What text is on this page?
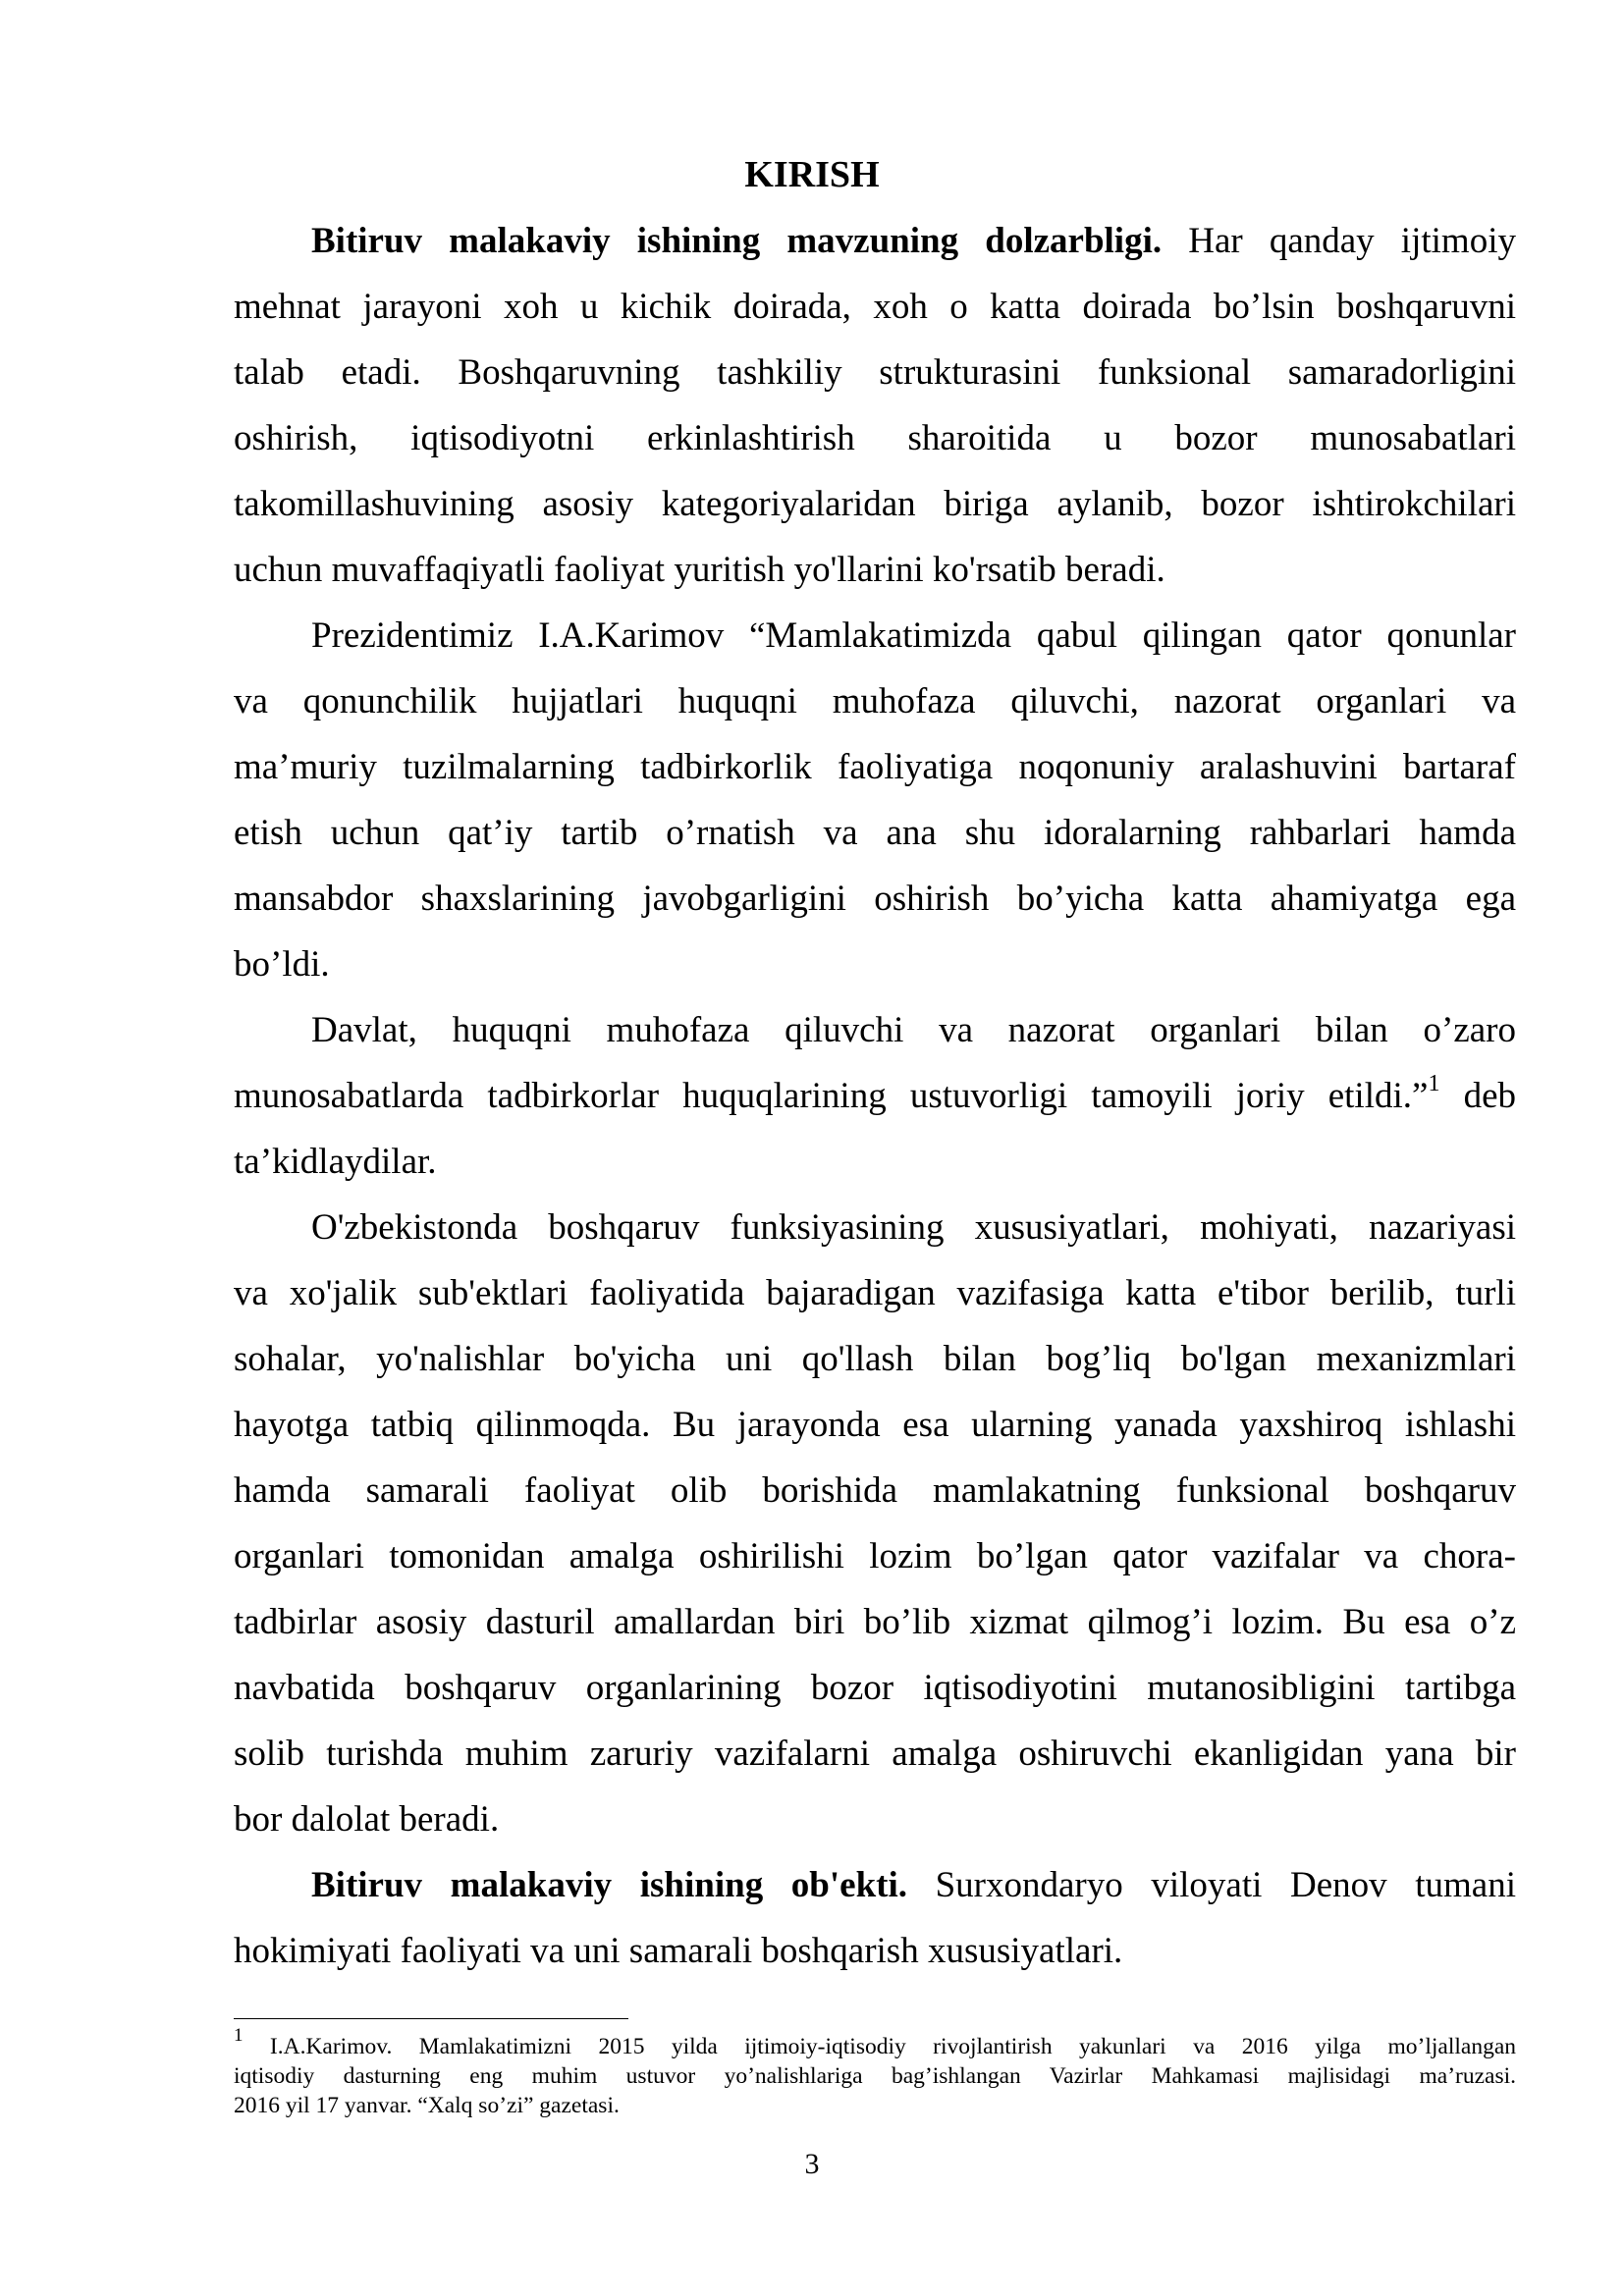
KIRISH
Bitiruv malakaviy ishining mavzuning dolzarbligi. Har qanday ijtimoiy
mehnat jarayoni xoh u kichik doirada, xoh o katta doirada bo’lsin boshqaruvni
talab etadi. Boshqaruvning tashkiliy strukturasini funksional samaradorligini
oshirish, iqtisodiyotni erkinlashtirish sharoitida u bozor munosabatlari
takomillashuvining asosiy kategoriyalaridan biriga aylanib, bozor ishtirokchilari
uchun muvaffaqiyatli faoliyat yuritish yo'llarini ko'rsatib beradi.
Prezidentimiz I.A.Karimov “Mamlakatimizda qabul qilingan qator qonunlar
va qonunchilik hujjatlari huquqni muhofaza qiluvchi, nazorat organlari va
ma’muriy tuzilmalarning tadbirkorlik faoliyatiga noqonuniy aralashuvini bartaraf
etish uchun qat’iy tartib o’rnatish va ana shu idoralarning rahbarlari hamda
mansabdor shaxslarining javobgarligini oshirish bo’yicha katta ahamiyatga ega
bo’ldi.
Davlat, huquqni muhofaza qiluvchi va nazorat organlari bilan o’zaro
munosabatlarda tadbirkorlar huquqlarining ustuvorligi tamoyili joriy etildi.”$^1$ deb
ta’kidlaydilar.
O'zbekistonda boshqaruv funksiyasining xususiyatlari, mohiyati, nazariyasi
va xo'jalik sub'ektlari faoliyatida bajaradigan vazifasiga katta e'tibor berilib, turli
sohalar, yo'nalishlar bo'yicha uni qo'llash bilan bog’liq bo'lgan mexanizmlari
hayotga tatbiq qilinmoqda. Bu jarayonda esa ularning yanada yaxshiroq ishlashi
hamda samarali faoliyat olib borishida mamlakatning funksional boshqaruv
organlari tomonidan amalga oshirilishi lozim bo’lgan qator vazifalar va chora-
tadbirlar asosiy dasturil amallardan biri bo’lib xizmat qilmog’i lozim. Bu esa o’z
navbatida boshqaruv organlarining bozor iqtisodiyotini mutanosibligini tartibga
solib turishda muhim zaruriy vazifalarni amalga oshiruvchi ekanligidan yana bir
bor dalolat beradi.
Bitiruv malakaviy ishining ob'ekti. Surxondaryo viloyati Denov tumani
hokimiyati faoliyati va uni samarali boshqarish xususiyatlari.
$^1$ I.A.Karimov. Mamlakatimizni 2015 yilda ijtimoiy-iqtisodiy rivojlantirish yakunlari va 2016 yilga mo’ljallangan
iqtisodiy dasturning eng muhim ustuvor yo’nalishlariga bag’ishlangan Vazirlar Mahkamasi majlisidagi ma’ruzasi.
2016 yil 17 yanvar. “Xalq so’zi” gazetasi.
3
